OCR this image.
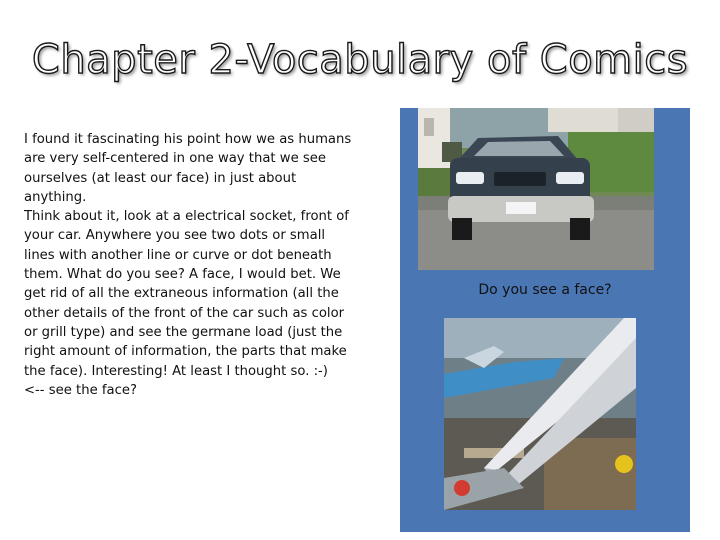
Chapter 2-Vocabulary of Comics
I found it fascinating his point how we as humans
are very self-centered in one way that we see
ourselves (at least our face) in just about anything.
Think about it, look at a electrical socket, front of
your car. Anywhere you see two dots or small
lines with another line or curve or dot beneath
them. What do you see? A face, I would bet. We
get rid of all the extraneous information (all the
other details of the front of the car such as color
or grill type) and see the germane load (just the
right amount of information, the parts that make
the face). Interesting! At least I thought so. :-)
<-- see the face?
Do you see a face?
